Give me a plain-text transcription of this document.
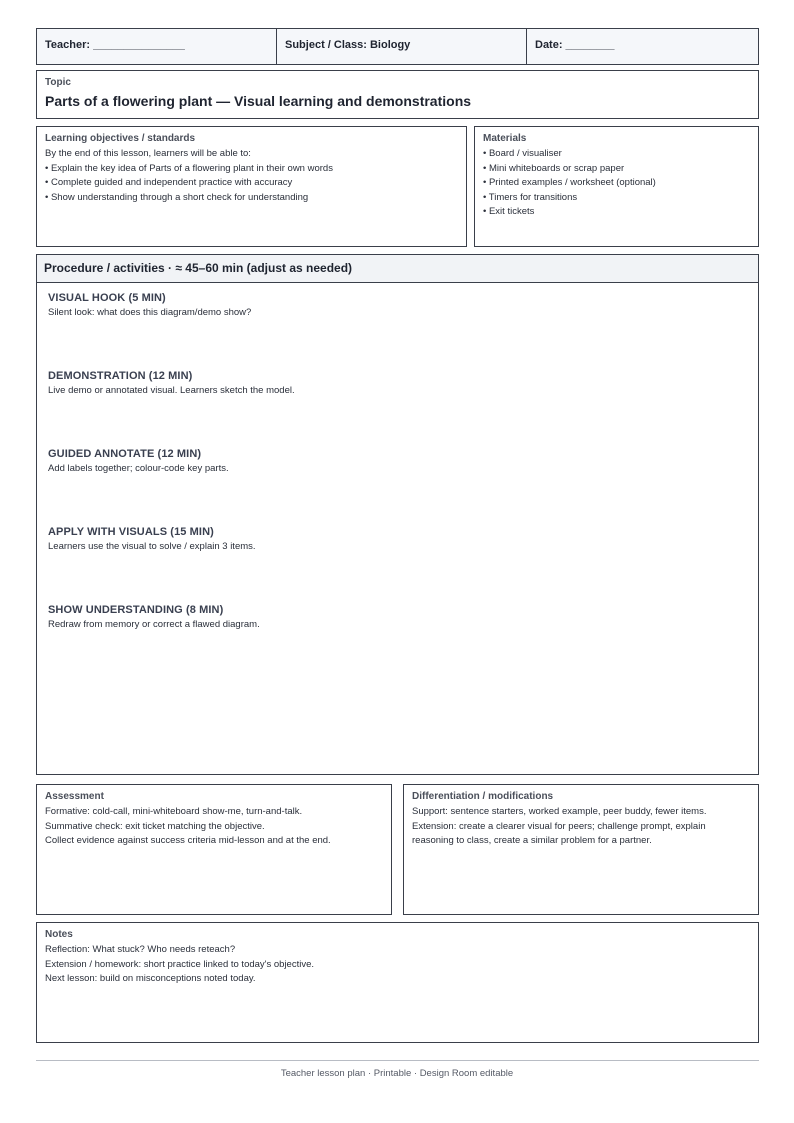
Teacher: _______________	Subject / Class: Biology	Date: ________
Topic
Parts of a flowering plant — Visual learning and demonstrations
Learning objectives / standards
By the end of this lesson, learners will be able to:
• Explain the key idea of Parts of a flowering plant in their own words
• Complete guided and independent practice with accuracy
• Show understanding through a short check for understanding
Materials
• Board / visualiser
• Mini whiteboards or scrap paper
• Printed examples / worksheet (optional)
• Timers for transitions
• Exit tickets
Procedure / activities · ≈ 45–60 min (adjust as needed)
VISUAL HOOK (5 MIN)
Silent look: what does this diagram/demo show?
DEMONSTRATION (12 MIN)
Live demo or annotated visual. Learners sketch the model.
GUIDED ANNOTATE (12 MIN)
Add labels together; colour-code key parts.
APPLY WITH VISUALS (15 MIN)
Learners use the visual to solve / explain 3 items.
SHOW UNDERSTANDING (8 MIN)
Redraw from memory or correct a flawed diagram.
Assessment
Formative: cold-call, mini-whiteboard show-me, turn-and-talk.
Summative check: exit ticket matching the objective.
Collect evidence against success criteria mid-lesson and at the end.
Differentiation / modifications
Support: sentence starters, worked example, peer buddy, fewer items.
Extension: create a clearer visual for peers; challenge prompt, explain
reasoning to class, create a similar problem for a partner.
Notes
Reflection: What stuck? Who needs reteach?
Extension / homework: short practice linked to today's objective.
Next lesson: build on misconceptions noted today.
Teacher lesson plan · Printable · Design Room editable
